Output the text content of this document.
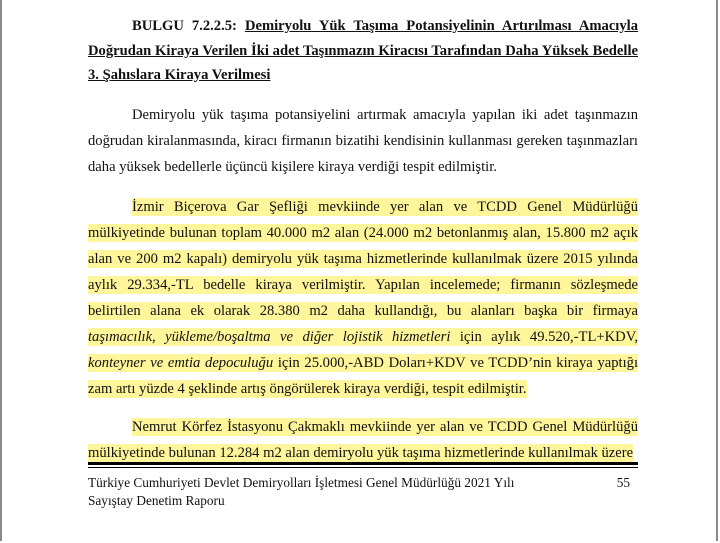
BULGU 7.2.2.5: Demiryolu Yük Taşıma Potansiyelinin Artırılması Amacıyla Doğrudan Kiraya Verilen İki adet Taşınmazın Kiracısı Tarafından Daha Yüksek Bedelle 3. Şahıslara Kiraya Verilmesi

Demiryolu yük taşıma potansiyelini artırmak amacıyla yapılan iki adet taşınmazın doğrudan kiralanmasında, kiracı firmanın bizatihi kendisinin kullanması gereken taşınmazları daha yüksek bedellerle üçüncü kişilere kiraya verdiği tespit edilmiştir.

İzmir Biçerova Gar Şefliği mevkiinde yer alan ve TCDD Genel Müdürlüğü mülkiyetinde bulunan toplam 40.000 m2 alan (24.000 m2 betonlanmış alan, 15.800 m2 açık alan ve 200 m2 kapalı) demiryolu yük taşıma hizmetlerinde kullanılmak üzere 2015 yılında aylık 29.334,-TL bedelle kiraya verilmiştir. Yapılan incelemede; firmanın sözleşmede belirtilen alana ek olarak 28.380 m2 daha kullandığı, bu alanları başka bir firmaya taşımacılık, yükleme/boşaltma ve diğer lojistik hizmetleri için aylık 49.520,-TL+KDV, konteyner ve emtia depoculuğu için 25.000,-ABD Doları+KDV ve TCDD’nin kiraya yaptığı zam artı yüzde 4 şeklinde artış öngörülerek kiraya verdiği, tespit edilmiştir.

Nemrut Körfez İstasyonu Çakmaklı mevkiinde yer alan ve TCDD Genel Müdürlüğü mülkiyetinde bulunan 12.284 m2 alan demiryolu yük taşıma hizmetlerinde kullanılmak üzere

Türkiye Cumhuriyeti Devlet Demiryolları İşletmesi Genel Müdürlüğü 2021 Yılı	55
Sayıştay Denetim Raporu
